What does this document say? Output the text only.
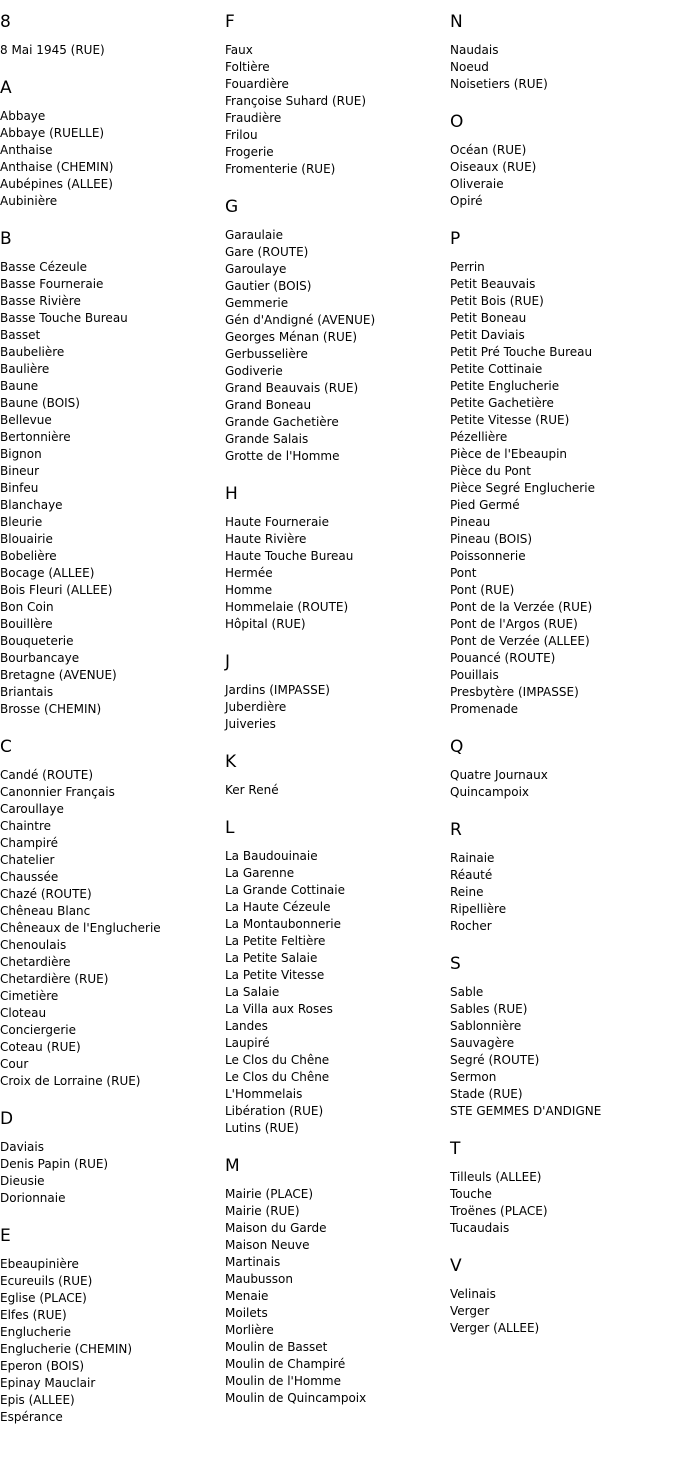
8
8 Mai 1945 (RUE)
A
Abbaye
Abbaye (RUELLE)
Anthaise
Anthaise (CHEMIN)
Aubépines (ALLEE)
Aubinière
B
Basse Cézeule
Basse Fourneraie
Basse Rivière
Basse Touche Bureau
Basset
Baubelière
Baulière
Baune
Baune (BOIS)
Bellevue
Bertonnière
Bignon
Bineur
Binfeu
Blanchaye
Bleurie
Blouairie
Bobelière
Bocage (ALLEE)
Bois Fleuri (ALLEE)
Bon Coin
Bouillère
Bouqueterie
Bourbancaye
Bretagne (AVENUE)
Briantais
Brosse (CHEMIN)
C
Candé (ROUTE)
Canonnier Français
Caroullaye
Chaintre
Champiré
Chatelier
Chaussée
Chazé (ROUTE)
Chêneau Blanc
Chêneaux de l'Englucherie
Chenoulais
Chetardière
Chetardière (RUE)
Cimetière
Cloteau
Conciergerie
Coteau (RUE)
Cour
Croix de Lorraine (RUE)
D
Daviais
Denis Papin (RUE)
Dieusie
Dorionnaie
E
Ebeaupinière
Ecureuils (RUE)
Eglise (PLACE)
Elfes (RUE)
Englucherie
Englucherie (CHEMIN)
Eperon (BOIS)
Epinay Mauclair
Epis (ALLEE)
Espérance
F
Faux
Foltière
Fouardière
Françoise Suhard (RUE)
Fraudière
Frilou
Frogerie
Fromenterie (RUE)
G
Garaulaie
Gare (ROUTE)
Garoulaye
Gautier (BOIS)
Gemmerie
Gén d'Andigné (AVENUE)
Georges Ménan (RUE)
Gerbusselière
Godiverie
Grand Beauvais (RUE)
Grand Boneau
Grande Gachetière
Grande Salais
Grotte de l'Homme
H
Haute Fourneraie
Haute Rivière
Haute Touche Bureau
Hermée
Homme
Hommelaie (ROUTE)
Hôpital (RUE)
J
Jardins (IMPASSE)
Juberdière
Juiveries
K
Ker René
L
La Baudouinaie
La Garenne
La Grande Cottinaie
La Haute Cézeule
La Montaubonnerie
La Petite Feltière
La Petite Salaie
La Petite Vitesse
La Salaie
La Villa aux Roses
Landes
Laupiré
Le Clos du Chêne
Le Clos du Chêne
L'Hommelais
Libération (RUE)
Lutins (RUE)
M
Mairie (PLACE)
Mairie (RUE)
Maison du Garde
Maison Neuve
Martinais
Maubusson
Menaie
Moilets
Morlière
Moulin de Basset
Moulin de Champiré
Moulin de l'Homme
Moulin de Quincampoix
N
Naudais
Noeud
Noisetiers (RUE)
O
Océan (RUE)
Oiseaux (RUE)
Oliveraie
Opiré
P
Perrin
Petit Beauvais
Petit Bois (RUE)
Petit Boneau
Petit Daviais
Petit Pré Touche Bureau
Petite Cottinaie
Petite Englucherie
Petite Gachetière
Petite Vitesse (RUE)
Pézellière
Pièce de l'Ebeaupin
Pièce du Pont
Pièce Segré Englucherie
Pied Germé
Pineau
Pineau (BOIS)
Poissonnerie
Pont
Pont (RUE)
Pont de la Verzée (RUE)
Pont de l'Argos (RUE)
Pont de Verzée (ALLEE)
Pouancé (ROUTE)
Pouillais
Presbytère (IMPASSE)
Promenade
Q
Quatre Journaux
Quincampoix
R
Rainaie
Réauté
Reine
Ripellière
Rocher
S
Sable
Sables (RUE)
Sablonnière
Sauvagère
Segré (ROUTE)
Sermon
Stade (RUE)
STE GEMMES D'ANDIGNE
T
Tilleuls (ALLEE)
Touche
Troënes (PLACE)
Tucaudais
V
Velinais
Verger
Verger (ALLEE)
